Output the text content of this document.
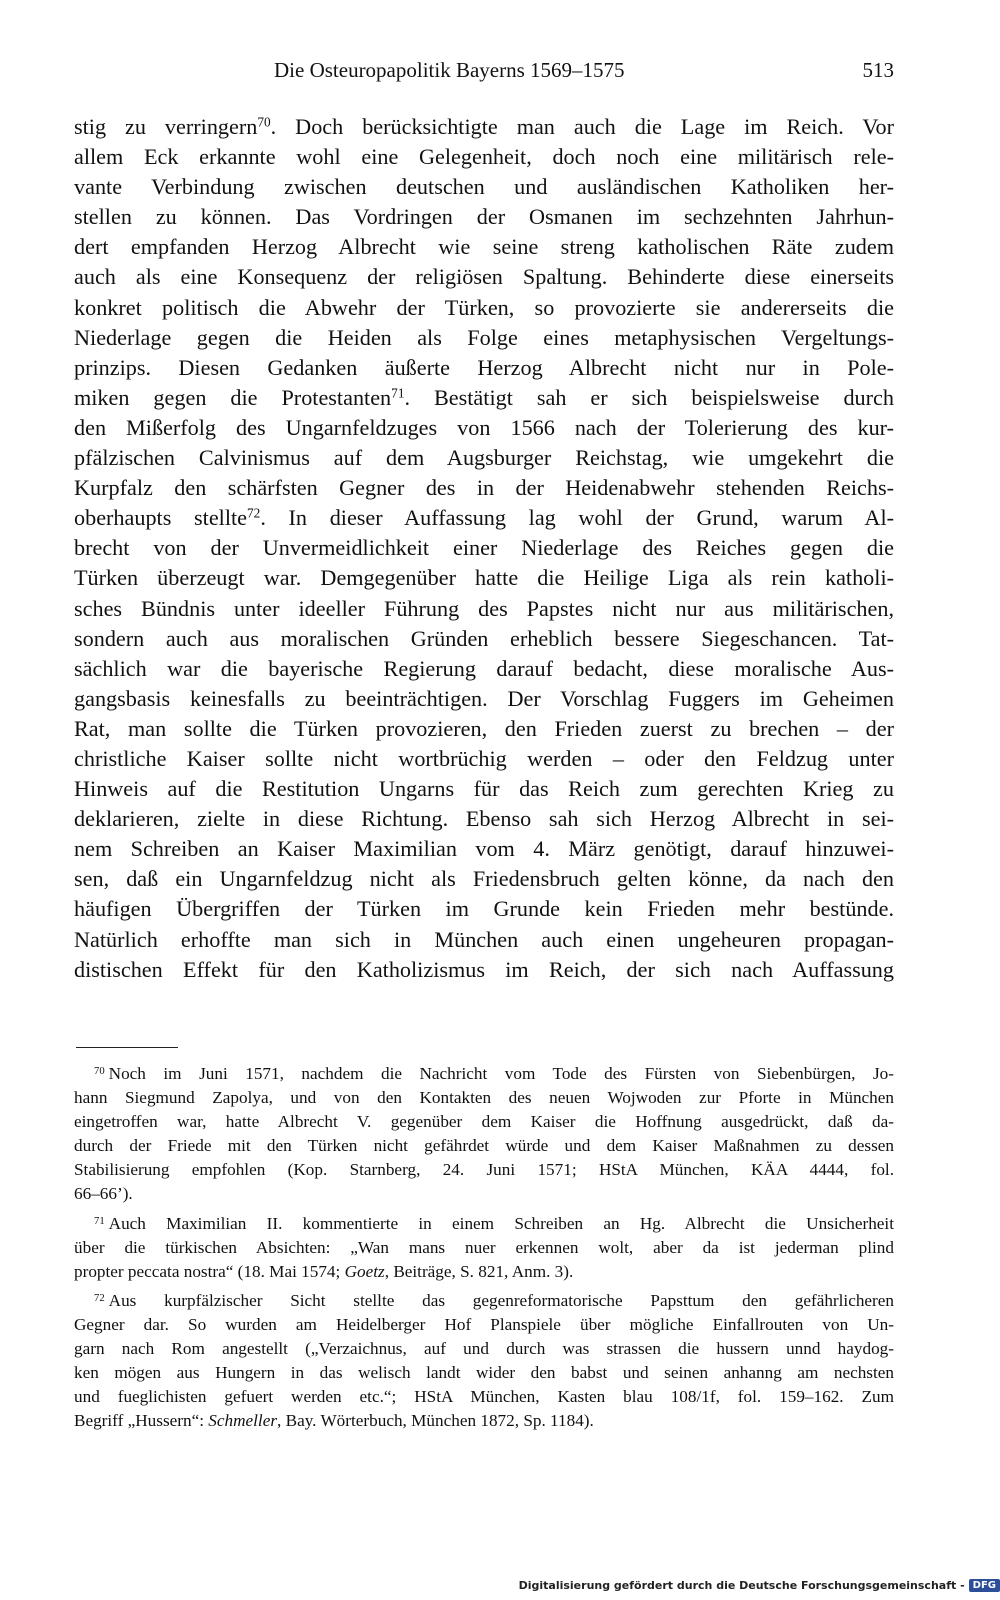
Die Osteuropapolitik Bayerns 1569–1575	513
stig zu verringern$^{70}$. Doch berücksichtigte man auch die Lage im Reich. Vor
allem Eck erkannte wohl eine Gelegenheit, doch noch eine militärisch rele-
vante Verbindung zwischen deutschen und ausländischen Katholiken her-
stellen zu können. Das Vordringen der Osmanen im sechzehnten Jahrhun-
dert empfanden Herzog Albrecht wie seine streng katholischen Räte zudem
auch als eine Konsequenz der religiösen Spaltung. Behinderte diese einerseits
konkret politisch die Abwehr der Türken, so provozierte sie andererseits die
Niederlage gegen die Heiden als Folge eines metaphysischen Vergeltungs-
prinzips. Diesen Gedanken äußerte Herzog Albrecht nicht nur in Pole-
miken gegen die Protestanten$^{71}$. Bestätigt sah er sich beispielsweise durch
den Mißerfolg des Ungarnfeldzuges von 1566 nach der Tolerierung des kur-
pfälzischen Calvinismus auf dem Augsburger Reichstag, wie umgekehrt die
Kurpfalz den schärfsten Gegner des in der Heidenabwehr stehenden Reichs-
oberhaupts stellte$^{72}$. In dieser Auffassung lag wohl der Grund, warum Al-
brecht von der Unvermeidlichkeit einer Niederlage des Reiches gegen die
Türken überzeugt war. Demgegenüber hatte die Heilige Liga als rein katholi-
sches Bündnis unter ideeller Führung des Papstes nicht nur aus militärischen,
sondern auch aus moralischen Gründen erheblich bessere Siegeschancen. Tat-
sächlich war die bayerische Regierung darauf bedacht, diese moralische Aus-
gangsbasis keinesfalls zu beeinträchtigen. Der Vorschlag Fuggers im Geheimen
Rat, man sollte die Türken provozieren, den Frieden zuerst zu brechen – der
christliche Kaiser sollte nicht wortbrüchig werden – oder den Feldzug unter
Hinweis auf die Restitution Ungarns für das Reich zum gerechten Krieg zu
deklarieren, zielte in diese Richtung. Ebenso sah sich Herzog Albrecht in sei-
nem Schreiben an Kaiser Maximilian vom 4. März genötigt, darauf hinzuwei-
sen, daß ein Ungarnfeldzug nicht als Friedensbruch gelten könne, da nach den
häufigen Übergriffen der Türken im Grunde kein Frieden mehr bestünde.
Natürlich erhoffte man sich in München auch einen ungeheuren propagan-
distischen Effekt für den Katholizismus im Reich, der sich nach Auffassung
$^{70}$ Noch im Juni 1571, nachdem die Nachricht vom Tode des Fürsten von Siebenbürgen, Jo-
hann Siegmund Zapolya, und von den Kontakten des neuen Wojwoden zur Pforte in München
eingetroffen war, hatte Albrecht V. gegenüber dem Kaiser die Hoffnung ausgedrückt, daß da-
durch der Friede mit den Türken nicht gefährdet würde und dem Kaiser Maßnahmen zu dessen
Stabilisierung empfohlen (Kop. Starnberg, 24. Juni 1571; HStA München, KÄA 4444, fol.
66–66’).
$^{71}$ Auch Maximilian II. kommentierte in einem Schreiben an Hg. Albrecht die Unsicherheit
über die türkischen Absichten: „Wan mans nuer erkennen wolt, aber da ist jederman plind
propter peccata nostra“ (18. Mai 1574; Goetz, Beiträge, S. 821, Anm. 3).
$^{72}$ Aus kurpfälzischer Sicht stellte das gegenreformatorische Papsttum den gefährlicheren
Gegner dar. So wurden am Heidelberger Hof Planspiele über mögliche Einfallrouten von Un-
garn nach Rom angestellt („Verzaichnus, auf und durch was strassen die hussern unnd haydog-
ken mögen aus Hungern in das welisch landt wider den babst und seinen anhanng am nechsten
und fueglichisten gefuert werden etc.“; HStA München, Kasten blau 108/1f, fol. 159–162. Zum
Begriff „Hussern“: Schmeller, Bay. Wörterbuch, München 1872, Sp. 1184).
Digitalisierung gefördert durch die Deutsche Forschungsgemeinschaft - DFG
